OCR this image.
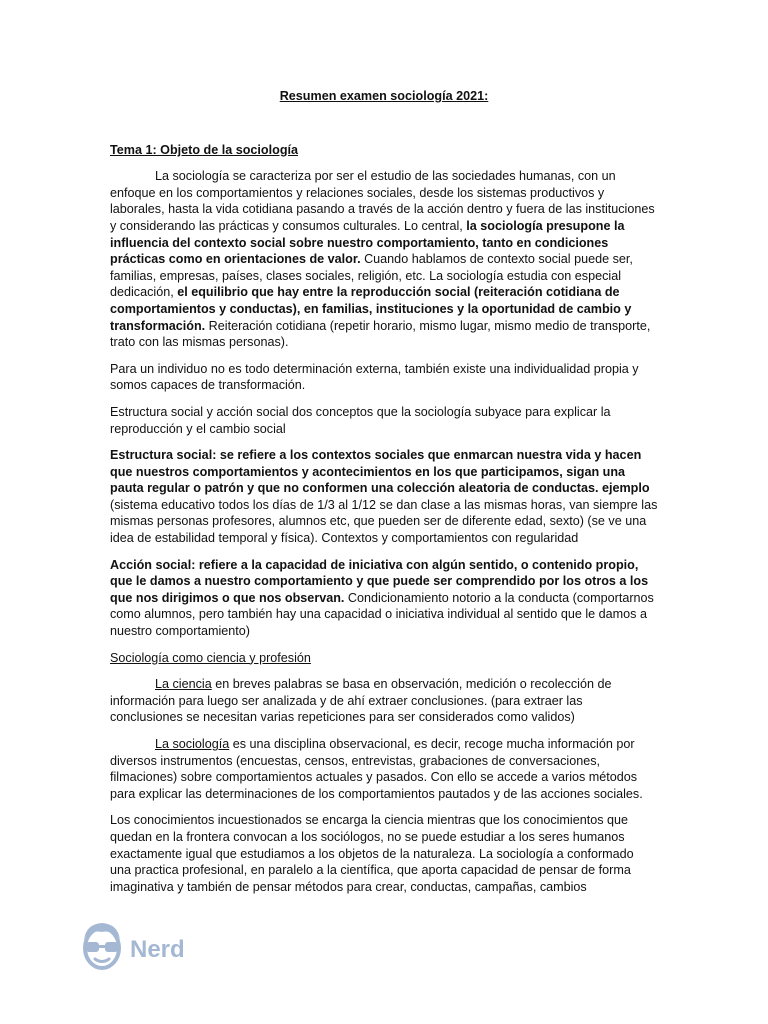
Resumen examen sociología 2021:
Tema 1: Objeto de la sociología

La sociología se caracteriza por ser el estudio de las sociedades humanas, con un enfoque en los comportamientos y relaciones sociales, desde los sistemas productivos y laborales, hasta la vida cotidiana pasando a través de la acción dentro y fuera de las instituciones y considerando las prácticas y consumos culturales. Lo central, la sociología presupone la influencia del contexto social sobre nuestro comportamiento, tanto en condiciones prácticas como en orientaciones de valor. Cuando hablamos de contexto social puede ser, familias, empresas, países, clases sociales, religión, etc. La sociología estudia con especial dedicación, el equilibrio que hay entre la reproducción social (reiteración cotidiana de comportamientos y conductas), en familias, instituciones y la oportunidad de cambio y transformación. Reiteración cotidiana (repetir horario, mismo lugar, mismo medio de transporte, trato con las mismas personas).

Para un individuo no es todo determinación externa, también existe una individualidad propia y somos capaces de transformación.

Estructura social y acción social dos conceptos que la sociología subyace para explicar la reproducción y el cambio social

Estructura social: se refiere a los contextos sociales que enmarcan nuestra vida y hacen que nuestros comportamientos y acontecimientos en los que participamos, sigan una pauta regular o patrón y que no conformen una colección aleatoria de conductas. ejemplo (sistema educativo todos los días de 1/3 al 1/12 se dan clase a las mismas horas, van siempre las mismas personas profesores, alumnos etc, que pueden ser de diferente edad, sexto) (se ve una idea de estabilidad temporal y física). Contextos y comportamientos con regularidad

Acción social: refiere a la capacidad de iniciativa con algún sentido, o contenido propio, que le damos a nuestro comportamiento y que puede ser comprendido por los otros a los que nos dirigimos o que nos observan. Condicionamiento notorio a la conducta (comportarnos como alumnos, pero también hay una capacidad o iniciativa individual al sentido que le damos a nuestro comportamiento)

Sociología como ciencia y profesión

La ciencia en breves palabras se basa en observación, medición o recolección de información para luego ser analizada y de ahí extraer conclusiones. (para extraer las conclusiones se necesitan varias repeticiones para ser considerados como validos)

La sociología es una disciplina observacional, es decir, recoge mucha información por diversos instrumentos (encuestas, censos, entrevistas, grabaciones de conversaciones, filmaciones) sobre comportamientos actuales y pasados. Con ello se accede a varios métodos para explicar las determinaciones de los comportamientos pautados y de las acciones sociales.

Los conocimientos incuestionados se encarga la ciencia mientras que los conocimientos que quedan en la frontera convocan a los sociólogos, no se puede estudiar a los seres humanos exactamente igual que estudiamos a los objetos de la naturaleza. La sociología a conformado una practica profesional, en paralelo a la científica, que aporta capacidad de pensar de forma imaginativa y también de pensar métodos para crear, conductas, campañas, cambios

Nerd
